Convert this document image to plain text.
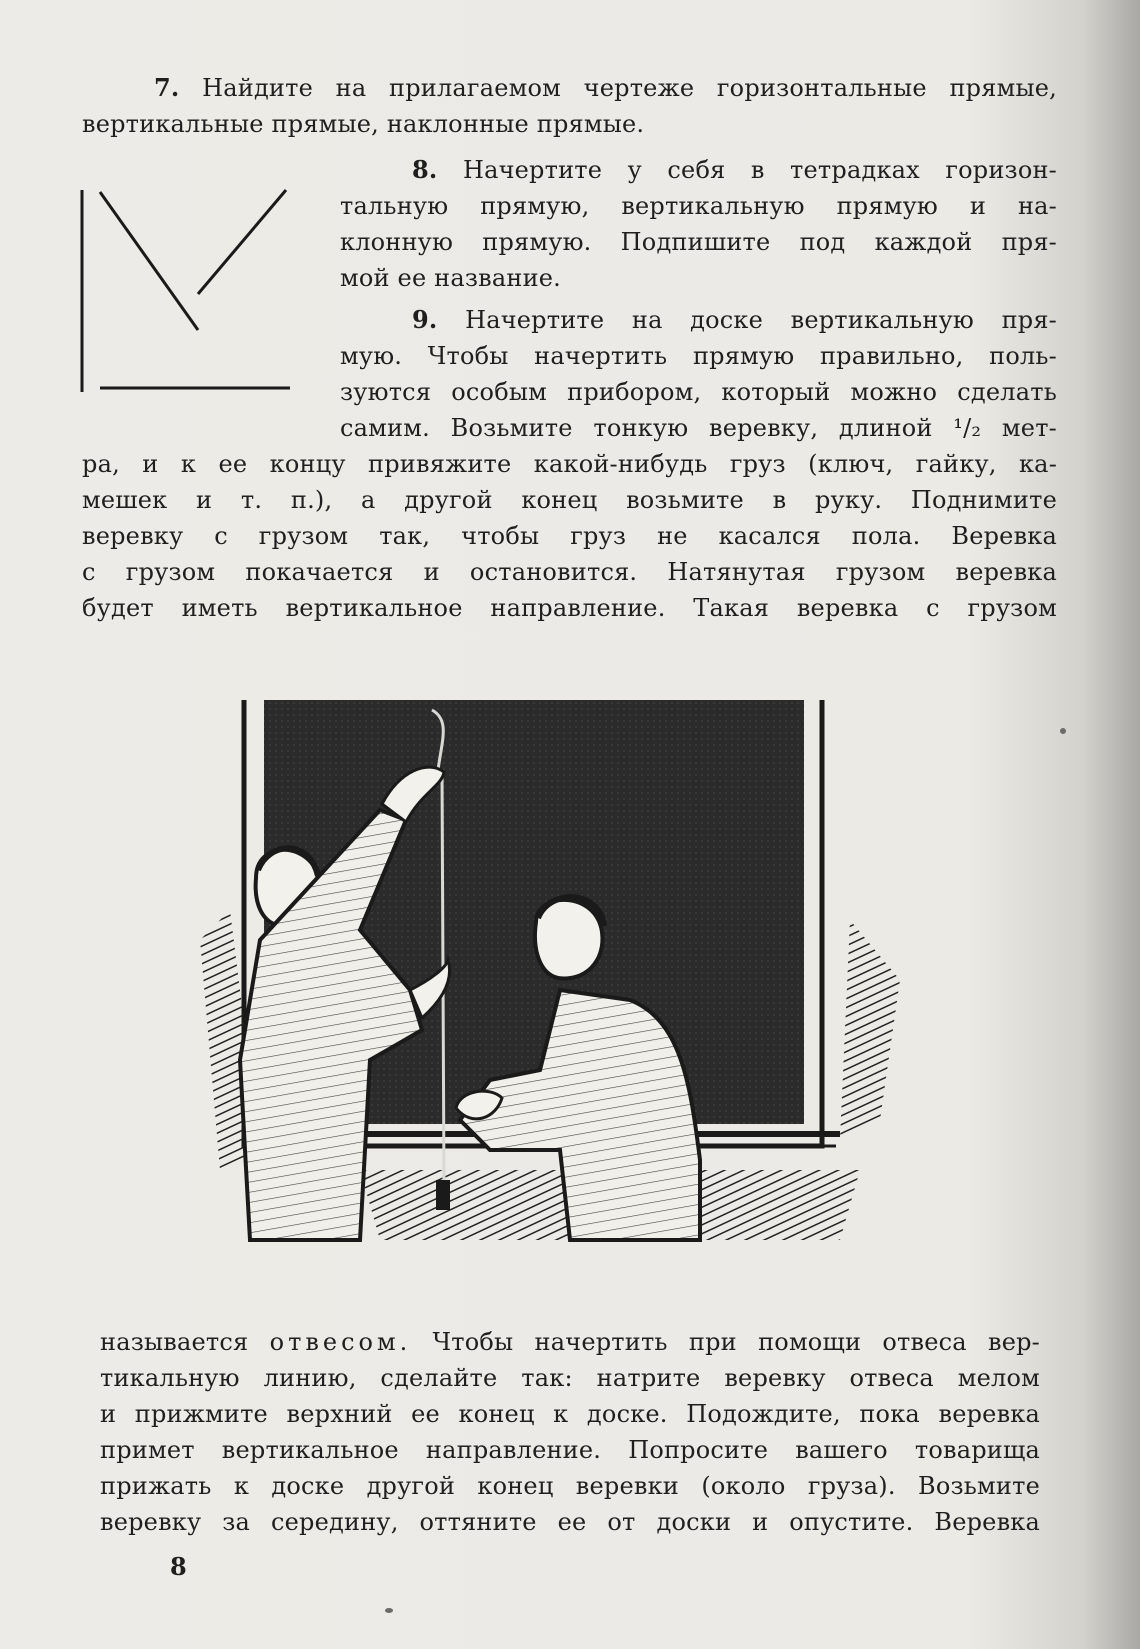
7. Найдите на прилагаемом чертеже горизонтальные прямые,
вертикальные прямые, наклонные прямые.

8. Начертите у себя в тетрадках горизон-
тальную прямую, вертикальную прямую и на-
клонную прямую. Подпишите под каждой пря-
мой ее название.

9. Начертите на доске вертикальную пря-
мую. Чтобы начертить прямую правильно, поль-
зуются особым прибором, который можно сделать
самим. Возьмите тонкую веревку, длиной ¹/₂ мет-

ра, и к ее концу привяжите какой-нибудь груз (ключ, гайку, ка-
мешек и т. п.), а другой конец возьмите в руку. Поднимите
веревку с грузом так, чтобы груз не касался пола. Веревка
с грузом покачается и остановится. Натянутая грузом веревка
будет иметь вертикальное направление. Такая веревка с грузом

называется отвесом. Чтобы начертить при помощи отвеса вер-
тикальную линию, сделайте так: натрите веревку отвеса мелом
и прижмите верхний ее конец к доске. Подождите, пока веревка
примет вертикальное направление. Попросите вашего товарища
прижать к доске другой конец веревки (около груза). Возьмите
веревку за середину, оттяните ее от доски и опустите. Веревка

8
